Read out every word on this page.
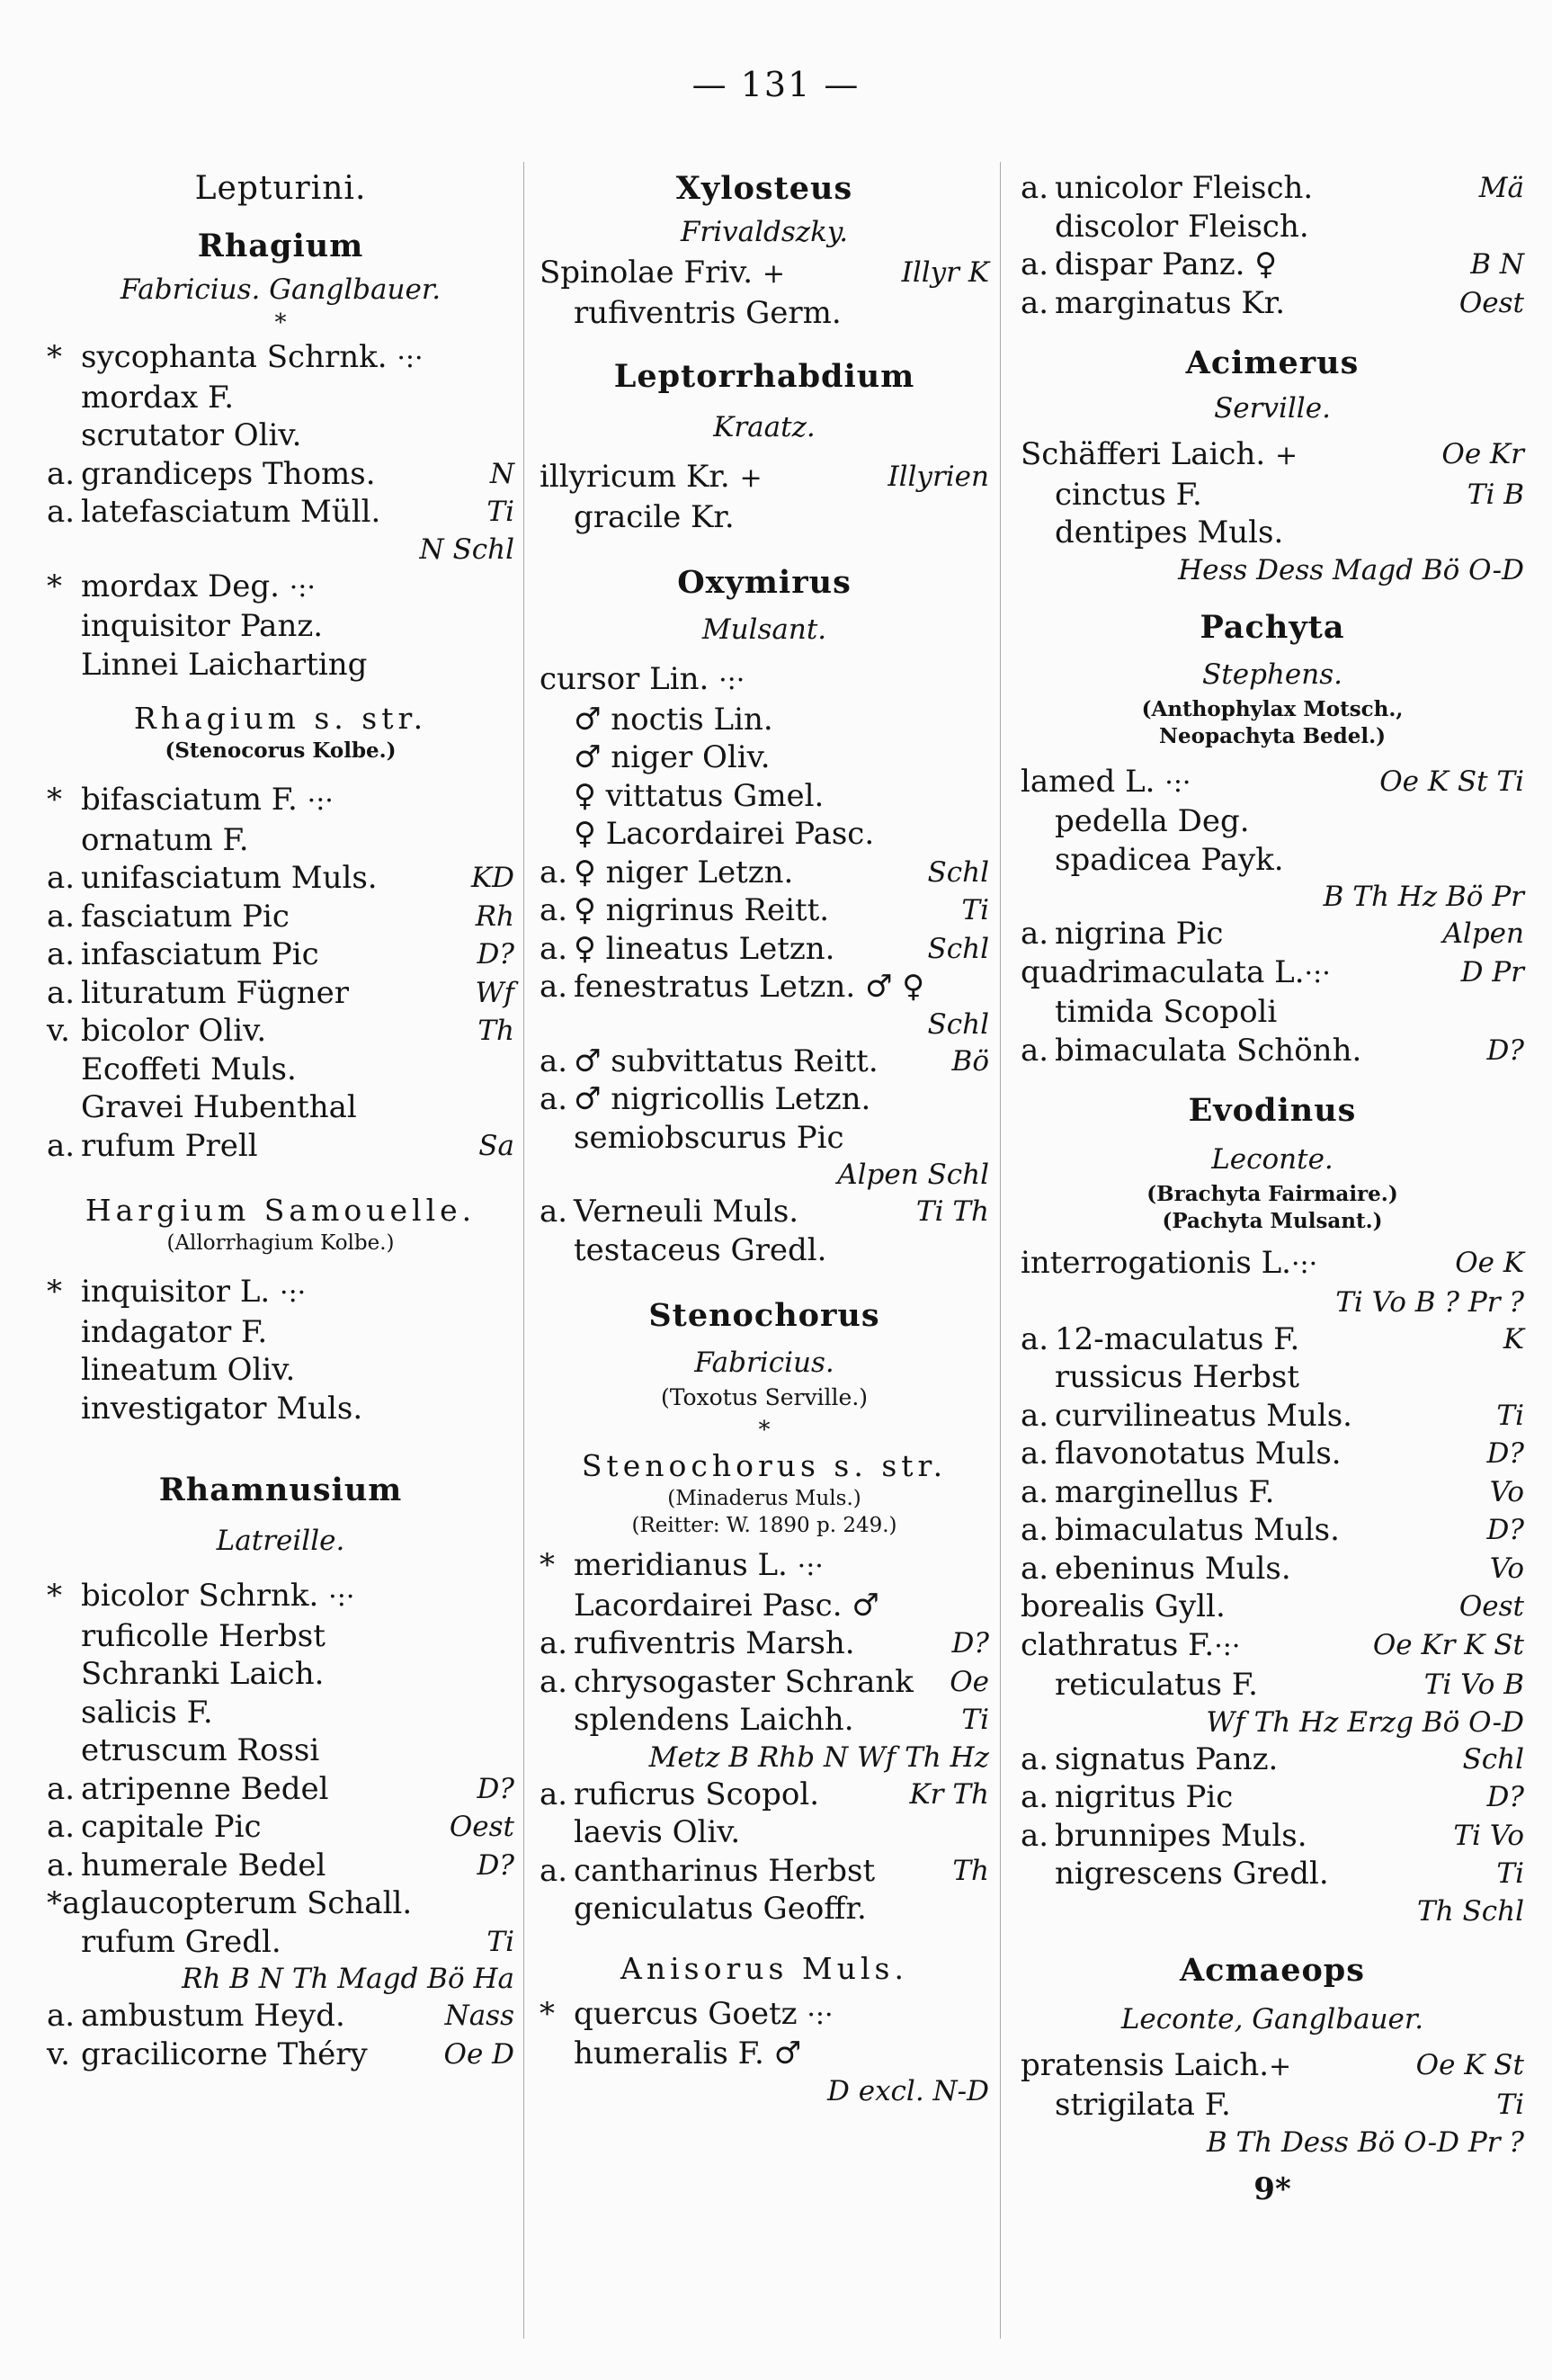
— 131 —
Lepturini.
Rhagium
Fabricius. Ganglbauer.
*
* sycophanta Schrnk. ·:·
mordax F.
scrutator Oliv.
a. grandiceps Thoms.	N
a. latefasciatum Müll.	Ti
N Schl
* mordax Deg. ·:·
inquisitor Panz.
Linnei Laicharting
Rhagium s. str.
(Stenocorus Kolbe.)
* bifasciatum F. ·:·
ornatum F.
a. unifasciatum Muls.	KD
a. fasciatum Pic	Rh
a. infasciatum Pic	D?
a. lituratum Fügner	Wf
v. bicolor Oliv.	Th
Ecoffeti Muls.
Gravei Hubenthal
a. rufum Prell	Sa
Hargium Samouelle.
(Allorrhagium Kolbe.)
* inquisitor L. ·:·
indagator F.
lineatum Oliv.
investigator Muls.
Rhamnusium
Latreille.
* bicolor Schrnk. ·:·
ruficolle Herbst
Schranki Laich.
salicis F.
etruscum Rossi
a. atripenne Bedel	D?
a. capitale Pic	Oest
a. humerale Bedel	D?
*a.glaucopterum Schall.
rufum Gredl.	Ti
Rh B N Th Magd Bö Ha
a. ambustum Heyd.	Nass
v. gracilicorne Théry	Oe D
Xylosteus
Frivaldszky.
Spinolae Friv. +	Illyr K
rufiventris Germ.
Leptorrhabdium
Kraatz.
illyricum Kr. +	Illyrien
gracile Kr.
Oxymirus
Mulsant.
cursor Lin. ·:·
♂ noctis Lin.
♂ niger Oliv.
♀ vittatus Gmel.
♀ Lacordairei Pasc.
a. ♀ niger Letzn.	Schl
a. ♀ nigrinus Reitt.	Ti
a. ♀ lineatus Letzn.	Schl
a. fenestratus Letzn. ♂ ♀
Schl
a. ♂ subvittatus Reitt.	Bö
a. ♂ nigricollis Letzn.
semiobscurus Pic
Alpen Schl
a. Verneuli Muls.	Ti Th
testaceus Gredl.
Stenochorus
Fabricius.
(Toxotus Serville.)
*
Stenochorus s. str.
(Minaderus Muls.)
(Reitter: W. 1890 p. 249.)
* meridianus L. ·:·
Lacordairei Pasc. ♂
a. rufiventris Marsh.	D?
a. chrysogaster Schrank Oe
splendens Laichh.	Ti
Metz B Rhb N Wf Th Hz
a. ruficrus Scopol.	Kr Th
laevis Oliv.
a. cantharinus Herbst	Th
geniculatus Geoffr.
Anisorus Muls.
* quercus Goetz ·:·
humeralis F. ♂
D excl. N-D
a. unicolor Fleisch.	Mä
discolor Fleisch.
a. dispar Panz. ♀	B N
a. marginatus Kr.	Oest
Acimerus
Serville.
Schäfferi Laich. +	Oe Kr
cinctus F.	Ti B
dentipes Muls.
Hess Dess Magd Bö O-D
Pachyta
Stephens.
(Anthophylax Motsch.,
Neopachyta Bedel.)
lamed L. ·:·	Oe K St Ti
pedella Deg.
spadicea Payk.
B Th Hz Bö Pr
a. nigrina Pic	Alpen
quadrimaculata L.·:·	D Pr
timida Scopoli
a. bimaculata Schönh.	D?
Evodinus
Leconte.
(Brachyta Fairmaire.)
(Pachyta Mulsant.)
interrogationis L.·:·	Oe K
Ti Vo B ? Pr ?
a. 12-maculatus F.	K
russicus Herbst
a. curvilineatus Muls.	Ti
a. flavonotatus Muls.	D?
a. marginellus F.	Vo
a. bimaculatus Muls.	D?
a. ebeninus Muls.	Vo
borealis Gyll.	Oest
clathratus F.·:·	Oe Kr K St
reticulatus F.	Ti Vo B
Wf Th Hz Erzg Bö O-D
a. signatus Panz.	Schl
a. nigritus Pic	D?
a. brunnipes Muls.	Ti Vo
nigrescens Gredl.	Ti
Th Schl
Acmaeops
Leconte, Ganglbauer.
pratensis Laich.+	Oe K St
strigilata F.	Ti
B Th Dess Bö O-D Pr ?
9*
